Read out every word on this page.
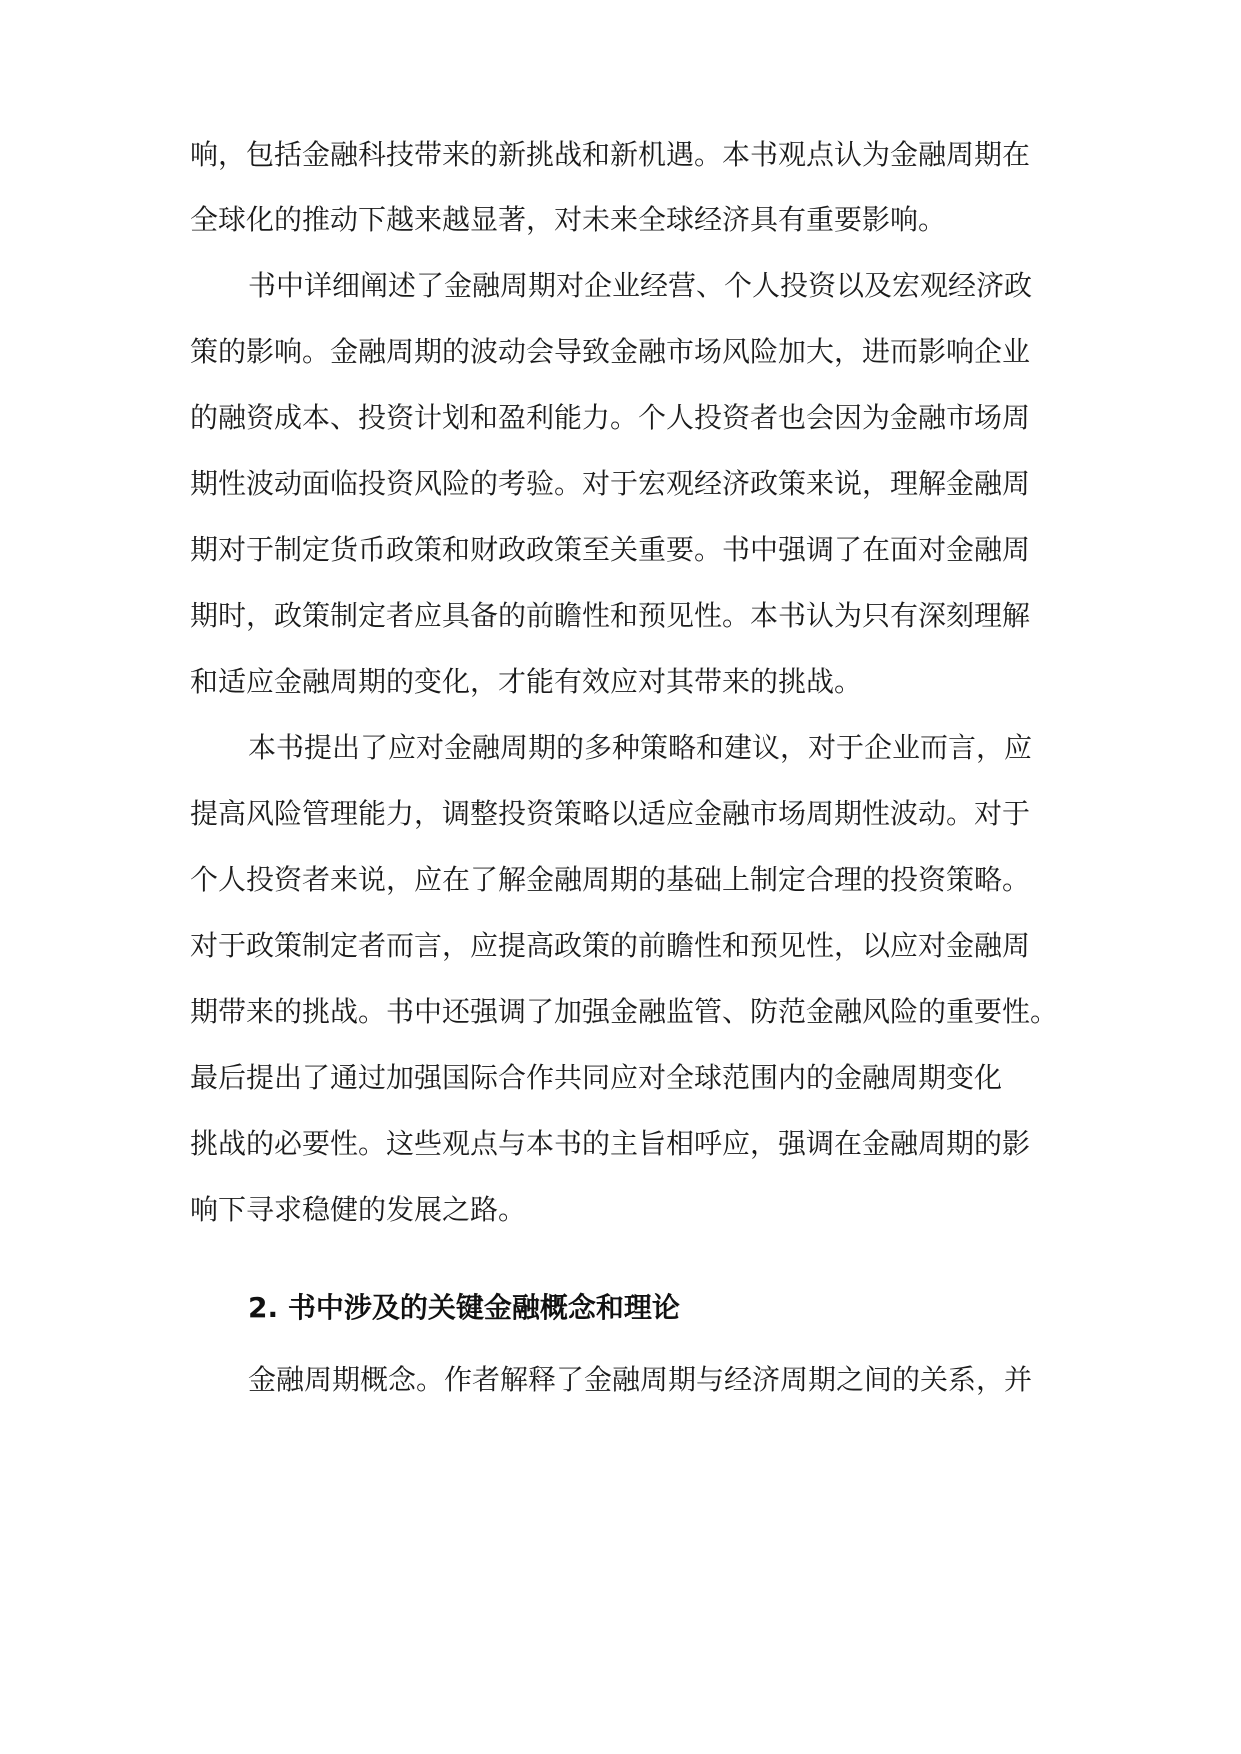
响，包括金融科技带来的新挑战和新机遇。本书观点认为金融周期在
全球化的推动下越来越显著，对未来全球经济具有重要影响。
书中详细阐述了金融周期对企业经营、个人投资以及宏观经济政
策的影响。金融周期的波动会导致金融市场风险加大，进而影响企业
的融资成本、投资计划和盈利能力。个人投资者也会因为金融市场周
期性波动面临投资风险的考验。对于宏观经济政策来说，理解金融周
期对于制定货币政策和财政政策至关重要。书中强调了在面对金融周
期时，政策制定者应具备的前瞻性和预见性。本书认为只有深刻理解
和适应金融周期的变化，才能有效应对其带来的挑战。
本书提出了应对金融周期的多种策略和建议，对于企业而言，应
提高风险管理能力，调整投资策略以适应金融市场周期性波动。对于
个人投资者来说，应在了解金融周期的基础上制定合理的投资策略。
对于政策制定者而言，应提高政策的前瞻性和预见性，以应对金融周
期带来的挑战。书中还强调了加强金融监管、防范金融风险的重要性。
最后提出了通过加强国际合作共同应对全球范围内的金融周期变化
挑战的必要性。这些观点与本书的主旨相呼应，强调在金融周期的影
响下寻求稳健的发展之路。
2. 书中涉及的关键金融概念和理论
金融周期概念。作者解释了金融周期与经济周期之间的关系，并
